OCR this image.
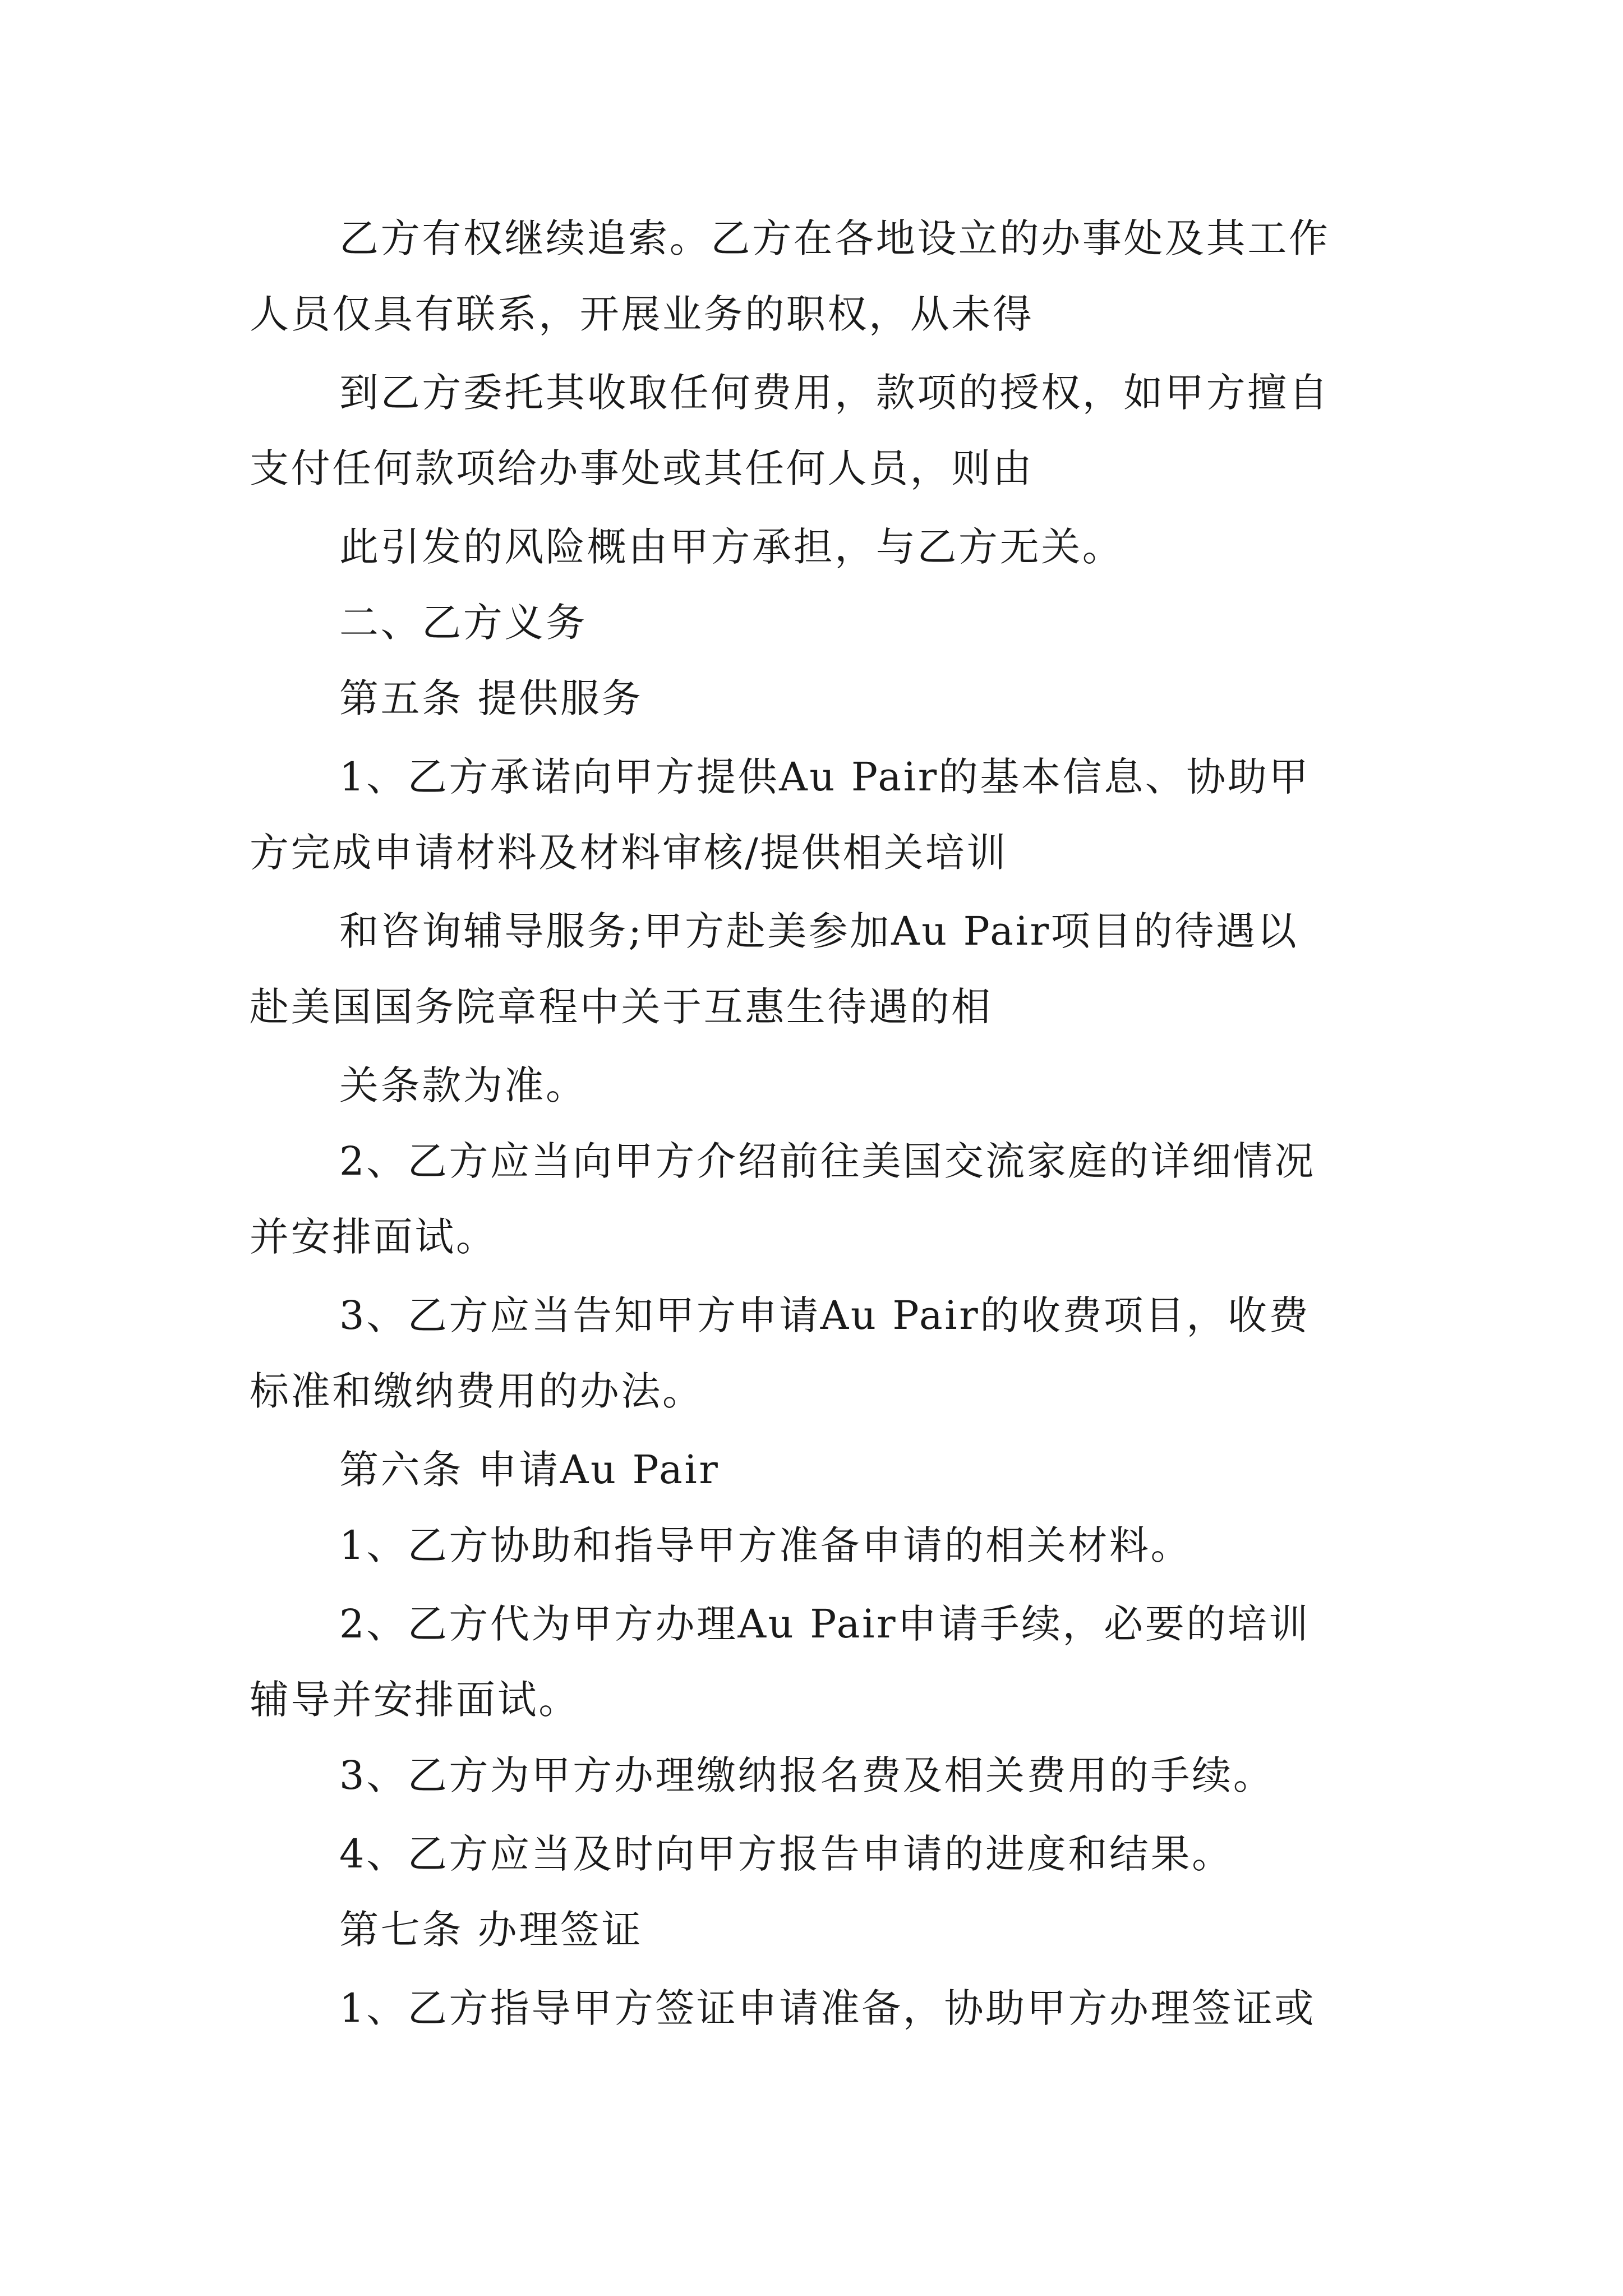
乙方有权继续追索。乙方在各地设立的办事处及其工作
人员仅具有联系，开展业务的职权，从未得
到乙方委托其收取任何费用，款项的授权，如甲方擅自
支付任何款项给办事处或其任何人员，则由
此引发的风险概由甲方承担，与乙方无关。
二、乙方义务
第五条 提供服务
1、乙方承诺向甲方提供Au Pair的基本信息、协助甲
方完成申请材料及材料审核/提供相关培训
和咨询辅导服务;甲方赴美参加Au Pair项目的待遇以
赴美国国务院章程中关于互惠生待遇的相
关条款为准。
2、乙方应当向甲方介绍前往美国交流家庭的详细情况
并安排面试。
3、乙方应当告知甲方申请Au Pair的收费项目，收费
标准和缴纳费用的办法。
第六条 申请Au Pair
1、乙方协助和指导甲方准备申请的相关材料。
2、乙方代为甲方办理Au Pair申请手续，必要的培训
辅导并安排面试。
3、乙方为甲方办理缴纳报名费及相关费用的手续。
4、乙方应当及时向甲方报告申请的进度和结果。
第七条 办理签证
1、乙方指导甲方签证申请准备，协助甲方办理签证或
